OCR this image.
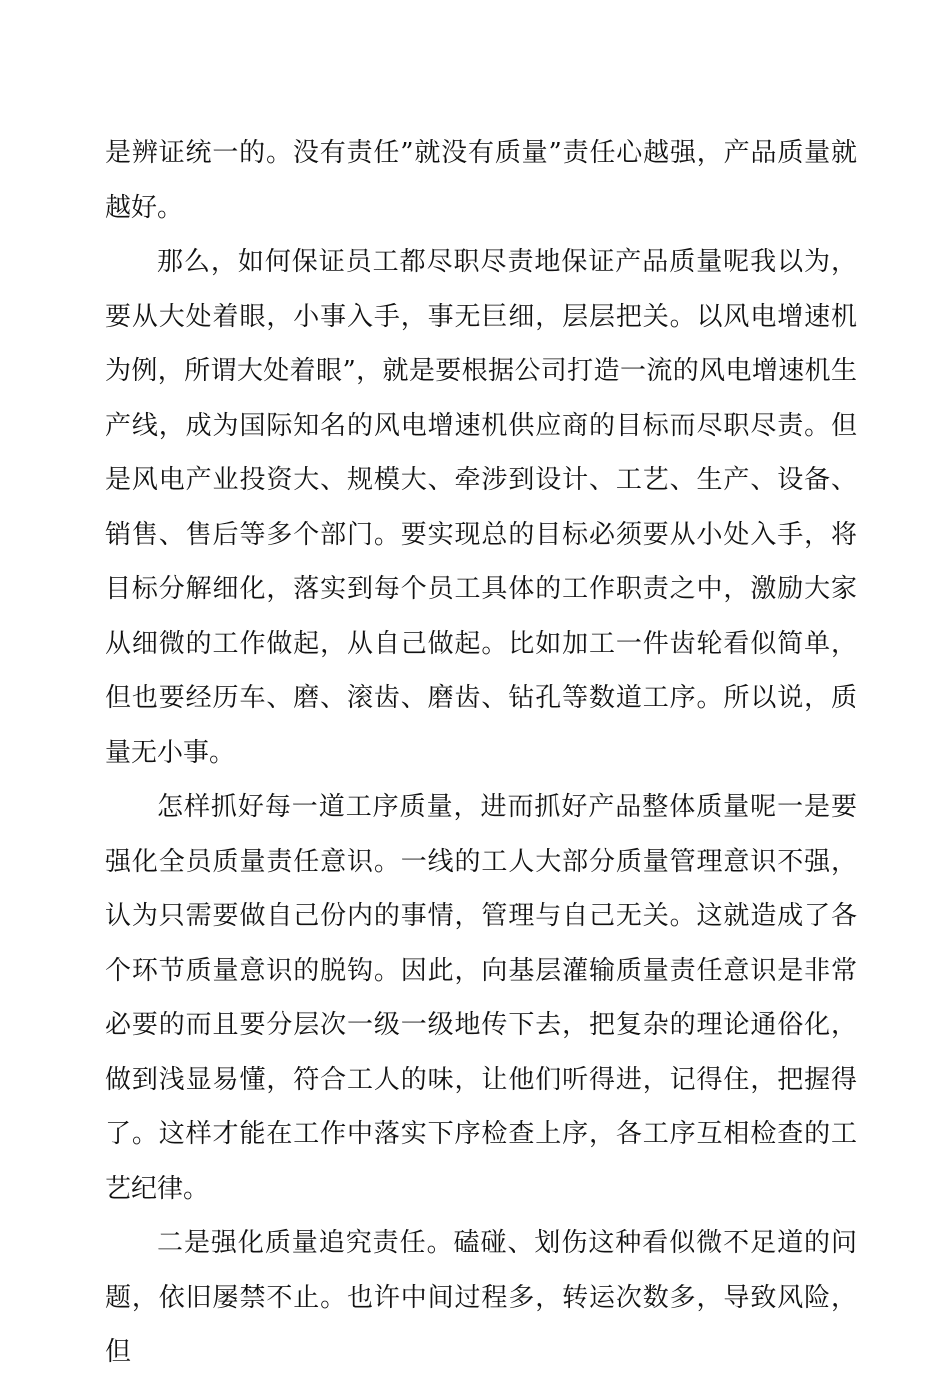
是辨证统一的。没有责任”就没有质量”责任心越强，产品质量就越好。

那么，如何保证员工都尽职尽责地保证产品质量呢我以为，要从大处着眼，小事入手，事无巨细，层层把关。以风电增速机为例，所谓大处着眼”，就是要根据公司打造一流的风电增速机生产线，成为国际知名的风电增速机供应商的目标而尽职尽责。但是风电产业投资大、规模大、牵涉到设计、工艺、生产、设备、销售、售后等多个部门。要实现总的目标必须要从小处入手，将目标分解细化，落实到每个员工具体的工作职责之中，激励大家从细微的工作做起，从自己做起。比如加工一件齿轮看似简单，但也要经历车、磨、滚齿、磨齿、钻孔等数道工序。所以说，质量无小事。

怎样抓好每一道工序质量，进而抓好产品整体质量呢一是要强化全员质量责任意识。一线的工人大部分质量管理意识不强，认为只需要做自己份内的事情，管理与自己无关。这就造成了各个环节质量意识的脱钩。因此，向基层灌输质量责任意识是非常必要的而且要分层次一级一级地传下去，把复杂的理论通俗化，做到浅显易懂，符合工人的味，让他们听得进，记得住，把握得了。这样才能在工作中落实下序检查上序，各工序互相检查的工艺纪律。

二是强化质量追究责任。磕碰、划伤这种看似微不足道的问题，依旧屡禁不止。也许中间过程多，转运次数多，导致风险，但
